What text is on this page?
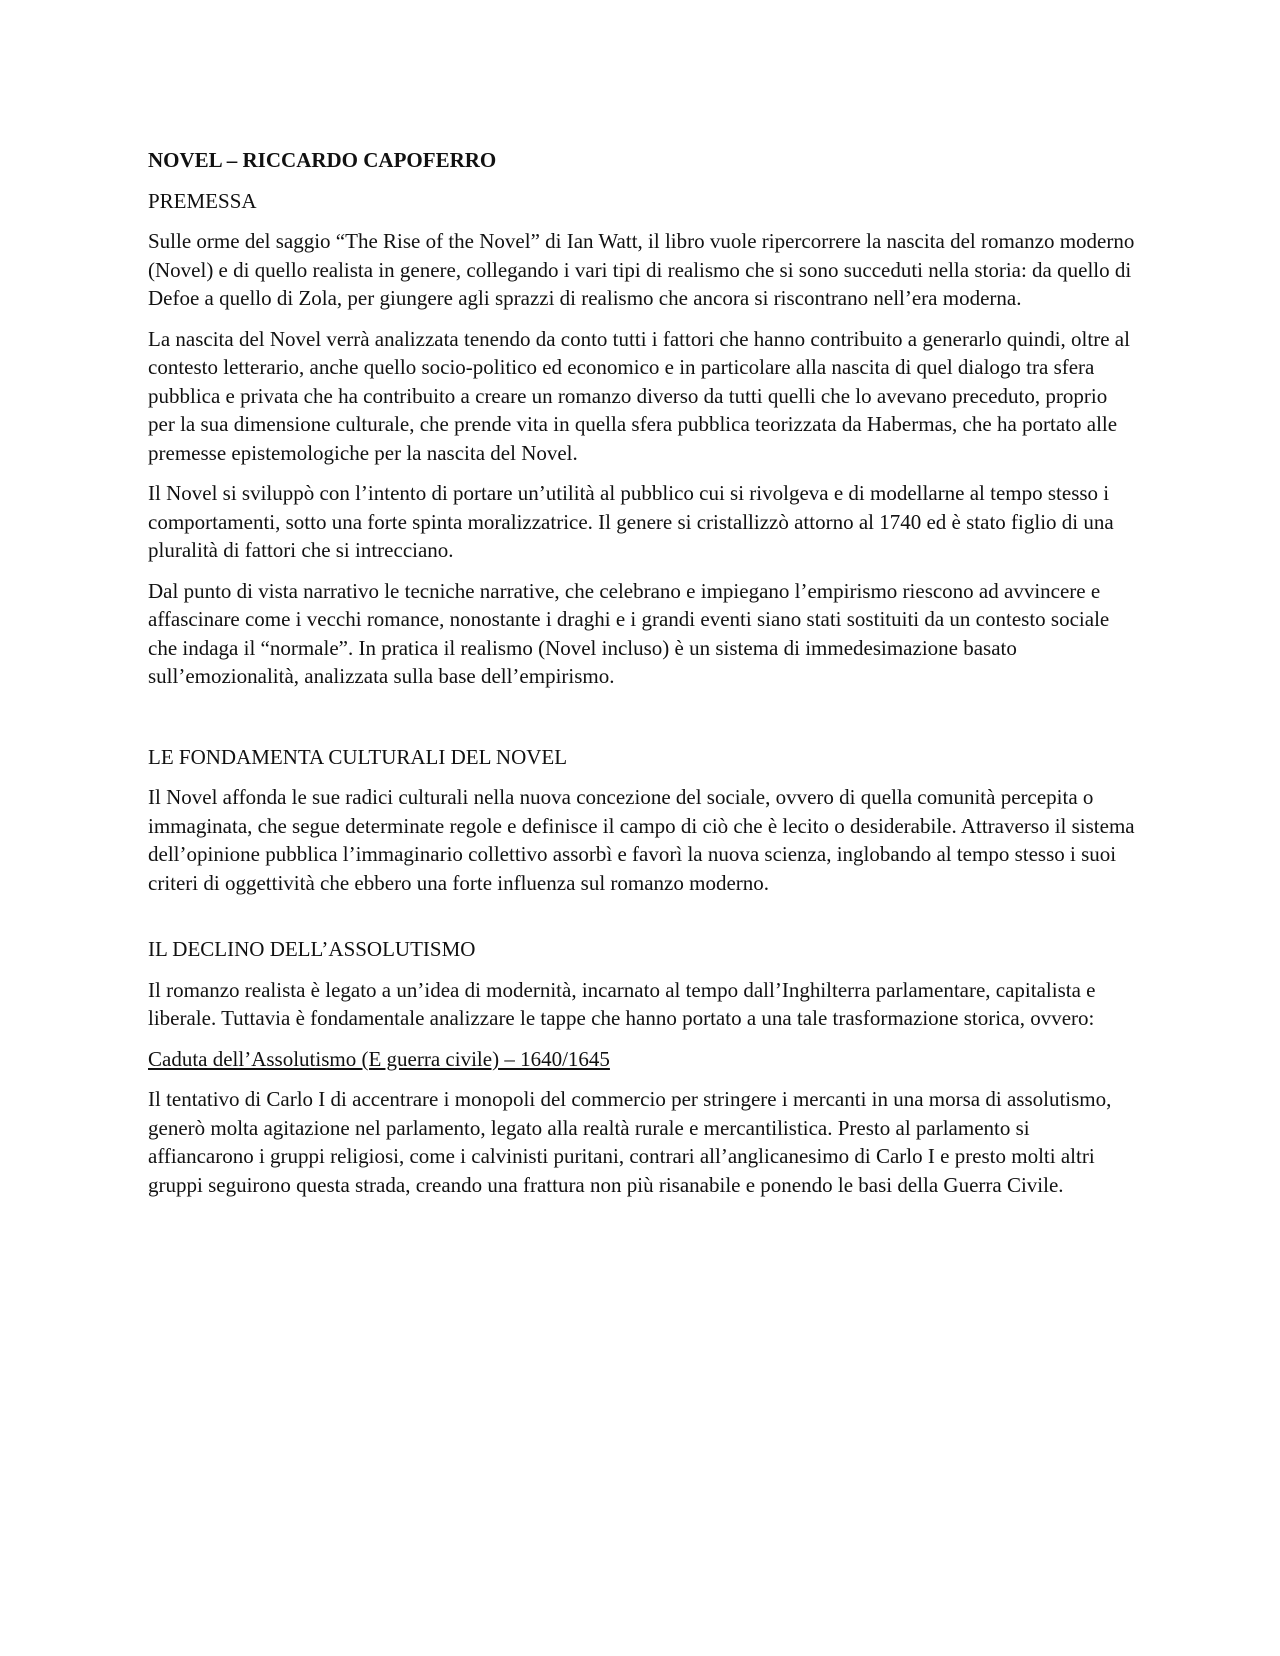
NOVEL – RICCARDO CAPOFERRO
PREMESSA

Sulle orme del saggio “The Rise of the Novel” di Ian Watt, il libro vuole ripercorrere la nascita del romanzo moderno (Novel) e di quello realista in genere, collegando i vari tipi di realismo che si sono succeduti nella storia: da quello di Defoe a quello di Zola, per giungere agli sprazzi di realismo che ancora si riscontrano nell’era moderna.

La nascita del Novel verrà analizzata tenendo da conto tutti i fattori che hanno contribuito a generarlo quindi, oltre al contesto letterario, anche quello socio-politico ed economico e in particolare alla nascita di quel dialogo tra sfera pubblica e privata che ha contribuito a creare un romanzo diverso da tutti quelli che lo avevano preceduto, proprio per la sua dimensione culturale, che prende vita in quella sfera pubblica teorizzata da Habermas, che ha portato alle premesse epistemologiche per la nascita del Novel.

Il Novel si sviluppò con l’intento di portare un’utilità al pubblico cui si rivolgeva e di modellarne al tempo stesso i comportamenti, sotto una forte spinta moralizzatrice. Il genere si cristallizzò attorno al 1740 ed è stato figlio di una pluralità di fattori che si intrecciano.

Dal punto di vista narrativo le tecniche narrative, che celebrano e impiegano l’empirismo riescono ad avvincere e affascinare come i vecchi romance, nonostante i draghi e i grandi eventi siano stati sostituiti da un contesto sociale che indaga il “normale”. In pratica il realismo (Novel incluso) è un sistema di immedesimazione basato sull’emozionalità, analizzata sulla base dell’empirismo.

LE FONDAMENTA CULTURALI DEL NOVEL

Il Novel affonda le sue radici culturali nella nuova concezione del sociale, ovvero di quella comunità percepita o immaginata, che segue determinate regole e definisce il campo di ciò che è lecito o desiderabile. Attraverso il sistema dell’opinione pubblica l’immaginario collettivo assorbì e favorì la nuova scienza, inglobando al tempo stesso i suoi criteri di oggettività che ebbero una forte influenza sul romanzo moderno.

IL DECLINO DELL’ASSOLUTISMO

Il romanzo realista è legato a un’idea di modernità, incarnato al tempo dall’Inghilterra parlamentare, capitalista e liberale. Tuttavia è fondamentale analizzare le tappe che hanno portato a una tale trasformazione storica, ovvero:

Caduta dell’Assolutismo (E guerra civile) – 1640/1645

Il tentativo di Carlo I di accentrare i monopoli del commercio per stringere i mercanti in una morsa di assolutismo, generò molta agitazione nel parlamento, legato alla realtà rurale e mercantilistica. Presto al parlamento si affiancarono i gruppi religiosi, come i calvinisti puritani, contrari all’anglicanesimo di Carlo I e presto molti altri gruppi seguirono questa strada, creando una frattura non più risanabile e ponendo le basi della Guerra Civile.
